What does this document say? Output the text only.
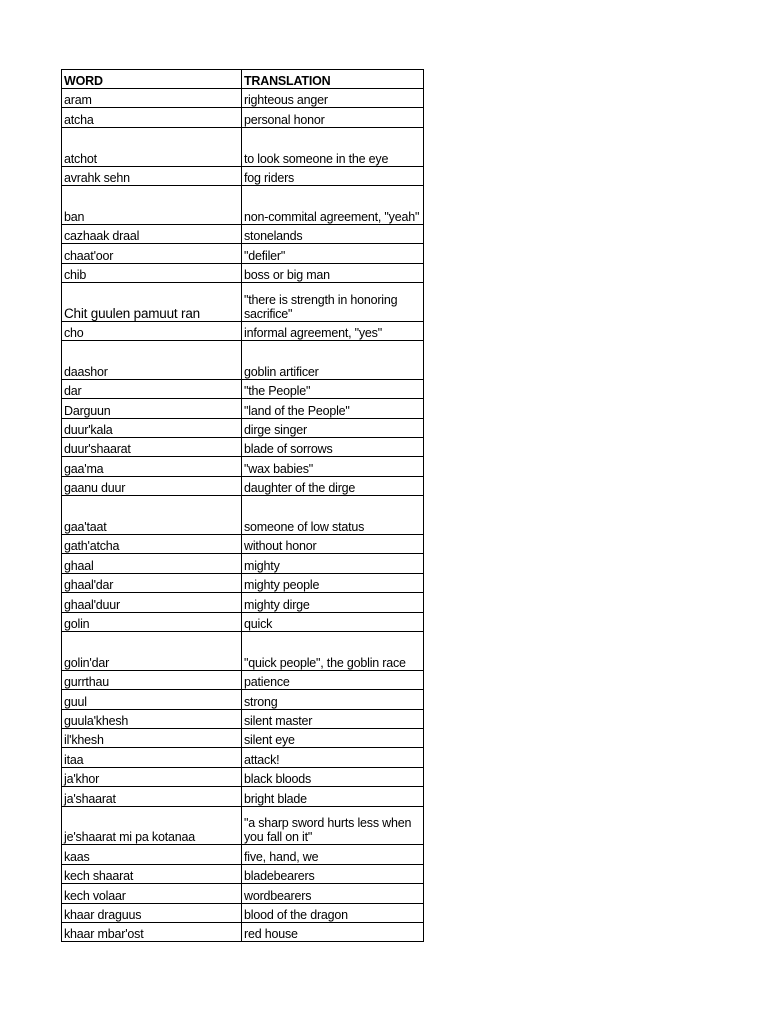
WORD	TRANSLATION
aram	righteous anger
atcha	personal honor
atchot	to look someone in the eye
avrahk sehn	fog riders
ban	non-commital agreement, "yeah"
cazhaak draal	stonelands
chaat'oor	"defiler"
chib	boss or big man
Chit guulen pamuut ran	"there is strength in honoring sacrifice"
cho	informal agreement, "yes"
daashor	goblin artificer
dar	"the People"
Darguun	"land of the People"
duur'kala	dirge singer
duur'shaarat	blade of sorrows
gaa'ma	"wax babies"
gaanu duur	daughter of the dirge
gaa'taat	someone of low status
gath'atcha	without honor
ghaal	mighty
ghaal'dar	mighty people
ghaal'duur	mighty dirge
golin	quick
golin'dar	"quick people", the goblin race
gurrthau	patience
guul	strong
guula'khesh	silent master
il'khesh	silent eye
itaa	attack!
ja'khor	black bloods
ja'shaarat	bright blade
je'shaarat mi pa kotanaa	"a sharp sword hurts less when you fall on it"
kaas	five, hand, we
kech shaarat	bladebearers
kech volaar	wordbearers
khaar draguus	blood of the dragon
khaar mbar'ost	red house
